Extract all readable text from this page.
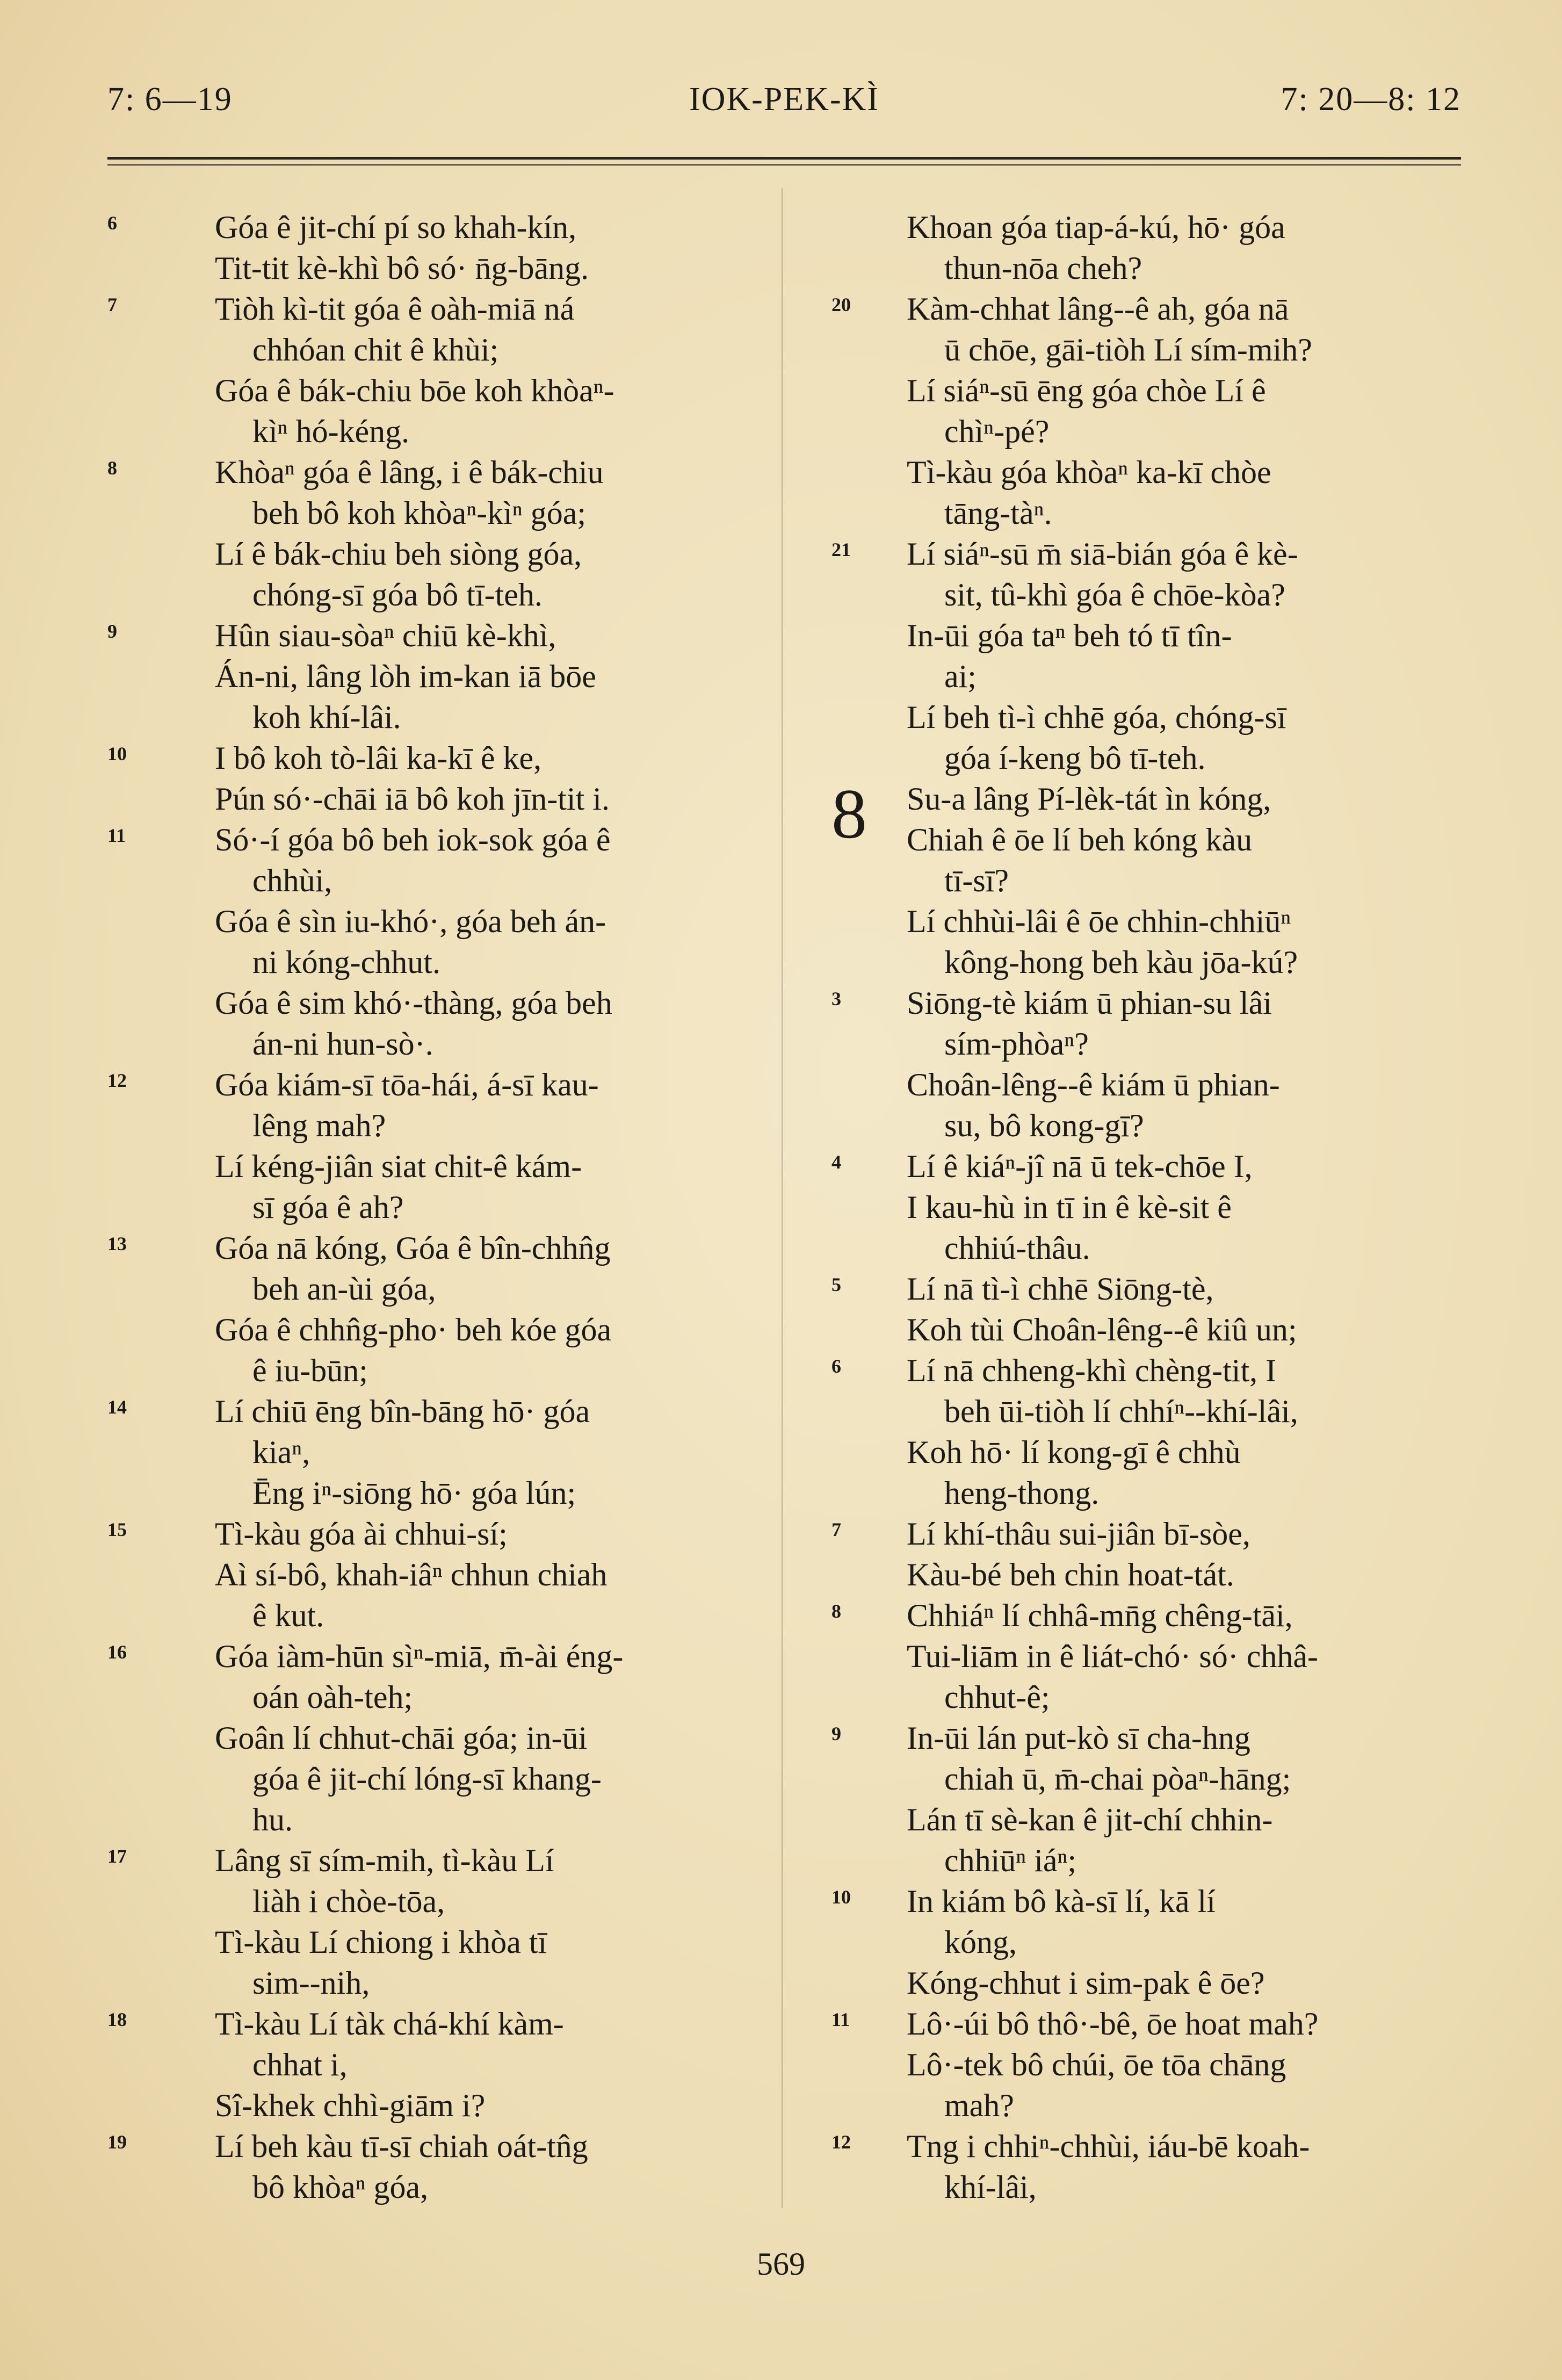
7: 6—19	IOK-PEK-KÌ	7: 20—8: 12
6	Góa ê jit-chí pí so khah-kín,
Tit-tit kè-khì bô só· n̄g-bāng.
7	Tiòh kì-tit góa ê oàh-miā ná
chhóan chit ê khùi;
Góa ê bák-chiu bōe koh khòaⁿ-
kìⁿ hó-kéng.
8	Khòaⁿ góa ê lâng, i ê bák-chiu
beh bô koh khòaⁿ-kìⁿ góa;
Lí ê bák-chiu beh siòng góa,
chóng-sī góa bô tī-teh.
9	Hûn siau-sòaⁿ chiū kè-khì,
Án-ni, lâng lòh im-kan iā bōe
koh khí-lâi.
10	I bô koh tò-lâi ka-kī ê ke,
Pún só·-chāi iā bô koh jīn-tit i.
11	Só·-í góa bô beh iok-sok góa ê
chhùi,
Góa ê sìn iu-khó·, góa beh án-
ni kóng-chhut.
Góa ê sim khó·-thàng, góa beh
án-ni hun-sò·.
12	Góa kiám-sī tōa-hái, á-sī kau-
lêng mah?
Lí kéng-jiân siat chit-ê kám-
sī góa ê ah?
13	Góa nā kóng, Góa ê bîn-chhn̂g
beh an-ùi góa,
Góa ê chhn̂g-pho· beh kóe góa
ê iu-būn;
14	Lí chiū ēng bîn-bāng hō· góa
kiaⁿ,
Ēng iⁿ-siōng hō· góa lún;
15	Tì-kàu góa ài chhui-sí;
Aì sí-bô, khah-iâⁿ chhun chiah
ê kut.
16	Góa iàm-hūn sìⁿ-miā, m̄-ài éng-
oán oàh-teh;
Goân lí chhut-chāi góa; in-ūi
góa ê jit-chí lóng-sī khang-
hu.
17	Lâng sī sím-mih, tì-kàu Lí
liàh i chòe-tōa,
Tì-kàu Lí chiong i khòa tī
sim--nih,
18	Tì-kàu Lí tàk chá-khí kàm-
chhat i,
Sî-khek chhì-giām i?
19	Lí beh kàu tī-sī chiah oát-tn̂g
bô khòaⁿ góa,
Khoan góa tiap-á-kú, hō· góa
thun-nōa cheh?
20	Kàm-chhat lâng--ê ah, góa nā
ū chōe, gāi-tiòh Lí sím-mih?
Lí siáⁿ-sū ēng góa chòe Lí ê
chìⁿ-pé?
Tì-kàu góa khòaⁿ ka-kī chòe
tāng-tàⁿ.
21	Lí siáⁿ-sū m̄ siā-bián góa ê kè-
sit, tû-khì góa ê chōe-kòa?
In-ūi góa taⁿ beh tó tī tîn-
ai;
Lí beh tì-ì chhē góa, chóng-sī
góa í-keng bô tī-teh.
8	Su-a lâng Pí-lèk-tát ìn kóng,
Chiah ê ōe lí beh kóng kàu
tī-sī?
Lí chhùi-lâi ê ōe chhin-chhiūⁿ
kông-hong beh kàu jōa-kú?
3	Siōng-tè kiám ū phian-su lâi
sím-phòaⁿ?
Choân-lêng--ê kiám ū phian-
su, bô kong-gī?
4	Lí ê kiáⁿ-jî nā ū tek-chōe I,
I kau-hù in tī in ê kè-sit ê
chhiú-thâu.
5	Lí nā tì-ì chhē Siōng-tè,
Koh tùi Choân-lêng--ê kiû un;
6	Lí nā chheng-khì chèng-tit, I
beh ūi-tiòh lí chhíⁿ--khí-lâi,
Koh hō· lí kong-gī ê chhù
heng-thong.
7	Lí khí-thâu sui-jiân bī-sòe,
Kàu-bé beh chin hoat-tát.
8	Chhiáⁿ lí chhâ-mn̄g chêng-tāi,
Tui-liām in ê liát-chó· só· chhâ-
chhut-ê;
9	In-ūi lán put-kò sī cha-hng
chiah ū, m̄-chai pòaⁿ-hāng;
Lán tī sè-kan ê jit-chí chhin-
chhiūⁿ iáⁿ;
10	In kiám bô kà-sī lí, kā lí
kóng,
Kóng-chhut i sim-pak ê ōe?
11	Lô·-úi bô thô·-bê, ōe hoat mah?
Lô·-tek bô chúi, ōe tōa chāng
mah?
12	Tng i chhiⁿ-chhùi, iáu-bē koah-
khí-lâi,
569
